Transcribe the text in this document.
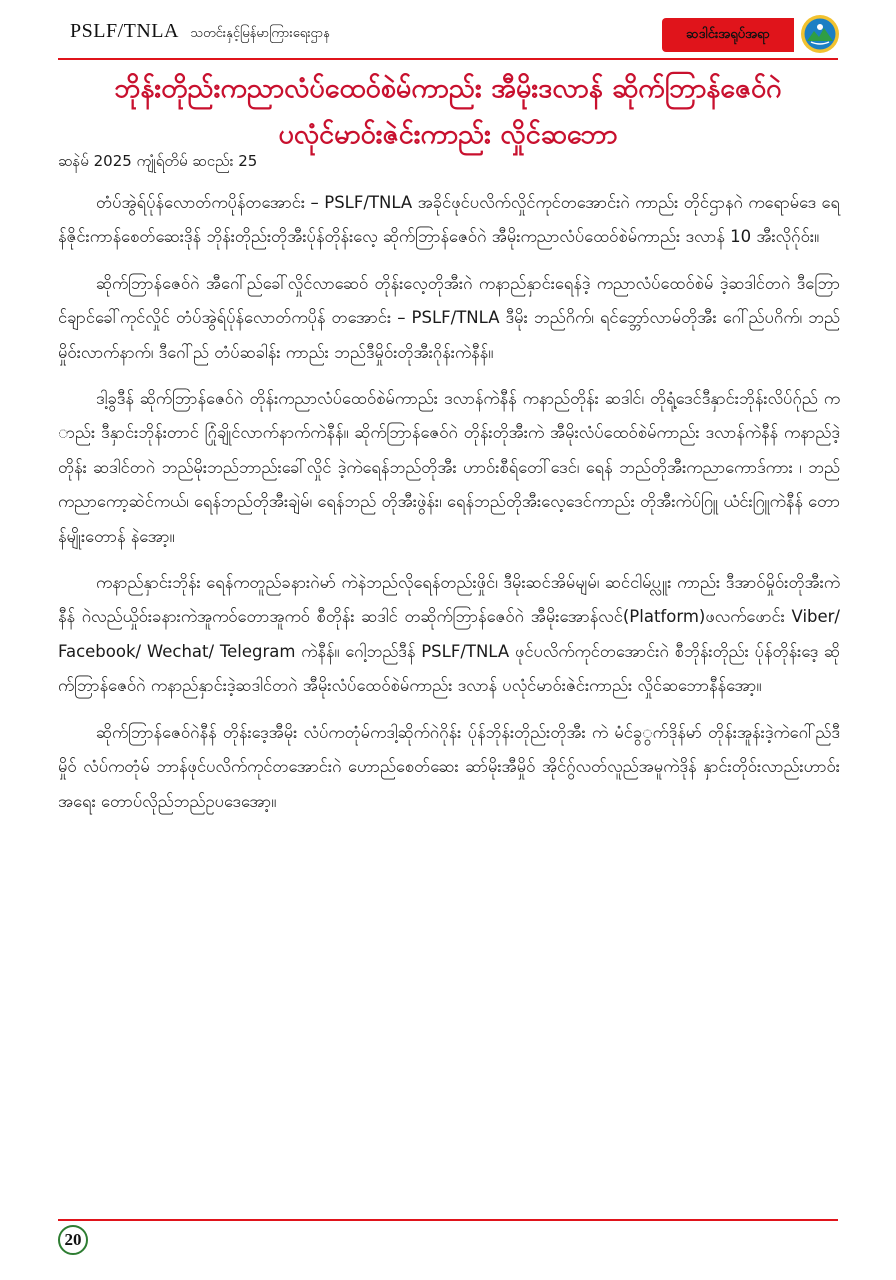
PSLF/TNLA သတင်းနှင့်မြန်မာကြားရေးဌာန	ဆဒါင်းအရုပ်အရာ
ဘိုန်းတိုည်းကညာလံပ်ထေဝ်စဲမ်ကာည်း အီမိုးဒလာန် ဆိုက်ဘြာန်ဇေဝ်ဂဲ
ပလုံင်မာဝ်းဇဲင်းကာည်း လှိုင်ဆဘော
ဆနဲမ် 2025 ကျုံရ်တိမ် ဆငည်း 25

တံပ်အွဲရ်ပ်ုန်လောတ်ကပိုန်တအောင်း – PSLF/TNLA အခိုင်ဖုင်ပလိက်လှိုင်ကုင်တအောင်းဂဲ ကာည်း တိုင်ဌာနဂဲ ကရောမ်ဒေ ရေန်ဇိုင်းကာန်စေတ်ဆေးဒိုန် ဘိုန်းတိုည်းတိုအီးပ်ုန်တိုန်းလေ့ ဆိုက်ဘြာန်ဇေဝ်ဂဲ အီမိုးကညာလံပ်ထေဝ်စဲမ်ကာည်း ဒလာန် 10 အီးလိုဂ်ုဝ်း။

ဆိုက်ဘြာန်ဇေဝ်ဂဲ အီဂေါ်ည်ခေါ်လှိုင်လာဆေဝ် တိုန်းလေ့တိုအီးဂဲ ကနာည်နှာင်းရေန်ဒဲ့ ကညာလံပ်ထေဝ်စဲမ် ဒဲ့ဆဒါင်တဂဲ ဒီဘြောင်ချာင်ခေါ်ကုင်လှိုင် တံပ်အွဲရ်ပ်ုန်လောတ်ကပိုန် တအောင်း – PSLF/TNLA ဒီမိုး ဘည်ဂိက်၊ ရင်ဘ္ဘော်လာမ်တိုအီး ဂေါ်ည်ပဂိက်၊ ဘည်မှိုဝ်းလာက်နာက်၊ ဒီဂေါ်ည် တံပ်ဆခါန်း ကာည်း ဘည်ဒီမှိုဝ်းတိုအီးဂိုန်းကဲနီန်။

ဒါ့ခွဒီန် ဆိုက်ဘြာန်ဇေဝ်ဂဲ တိုန်းကညာလံပ်ထေဝ်စဲမ်ကာည်း ဒလာန်ကဲနီန် ကနာည်တိုန်း ဆဒါင်၊ တိုရုံ့ဒေင်ဒီနှာင်းဘိုန်းလိပ်ဂ်ုည် ကာည်း ဒီနှာင်းဘိုန်းတာင် ဂြုံချိုင်လာက်နာက်ကဲနီန်။ ဆိုက်ဘြာန်ဇေဝ်ဂဲ တိုန်းတိုအီးကဲ အီမိုးလံပ်ထေဝ်စဲမ်ကာည်း ဒလာန်ကဲနီန် ကနာည်ဒဲ့တိုန်း ဆဒါင်တဂဲ ဘည်မိုးဘည်ဘာည်းခေါ်လှိုင် ဒဲ့ကဲရေန်ဘည်တိုအီး ဟာဝ်းစီရ်တေါ်ဒေင်၊ ရေန် ဘည်တိုအီးကညာကောဒ်ကား ၊ ဘည်ကညာကော့ဆဲင်ကယ်၊ ရေန်ဘည်တိုအီးချဲမ်၊ ရေန်ဘည် တိုအီးဖွဲန်း၊ ရေန်ဘည်တိုအီးလေ့ဒေင်ကာည်း တိုအီးကဲပ်ဂြူ ယံင်းဂြူကဲနီန် တောန်မျိုးတောန် နဲအော့။

ကနာည်နှာင်းဘိုန်း ရေန်ကတူည်ခနားဂဲမာ် ကဲနဲဘည်လိုရေန်တည်းဖှိုင်၊ ဒီမိုးဆင်အိမ်မျမ်၊ ဆင်ငါမ်ပ္လူး ကာည်း ဒီအာဝ်မှိုဝ်းတိုအီးကဲနီန် ဂဲလည်ယှိုဝ်းခနားကဲအူကဝ်တောအူကဝ် စီတိုန်း ဆဒါင် တဆိုက်ဘြာန်ဇေဝ်ဂဲ အီမိုးအောန်လင်(Platform)ဖလက်ဖောင်း Viber/ Facebook/ Wechat/ Telegram ကဲနီန်။ ဂေါ့ဘည်ဒီန် PSLF/TNLA ဖုင်ပလိက်ကုင်တအောင်းဂဲ စီဘိုန်းတိုည်း ပ်ုန်တိုန်းဒေ့ ဆိုက်ဘြာန်ဇေဝ်ဂဲ ကနာည်နှာင်းဒဲ့ဆဒါင်တဂဲ အီမိုးလံပ်ထေဝ်စဲမ်ကာည်း ဒလာန် ပလုံင်မာဝ်းဇဲင်းကာည်း လှိုင်ဆဘောနီန်အော့။

ဆိုက်ဘြာန်ဇေဝ်ဂဲနီန် တိုန်းဒေ့အီမိုး လံပ်ကတုံမ်ကဒါ့ဆိုက်ဂဲဂိုန်း ပ်ုန်ဘိုန်းတိုည်းတိုအီး ကဲ မံင်ခွွက်ဒိုန်မာ် တိုန်းအူန်းဒဲ့ကဲဂေါ်ည်ဒီမှိုဝ် လံပ်ကတုံမ် ဘာန်ဖုင်ပလိက်ကုင်တအောင်းဂဲ ဟောည်စေတ်ဆေး ဆာ်မိုးအီမှိုဝ် အိုင်ဂွ်လတ်လူည်အမူကဲဒိုန် နှာင်းတိုဝ်းလာည်းဟာဝ်းအရေး တောပ်လိုည်ဘည်ဥပဒေအော့။

20
